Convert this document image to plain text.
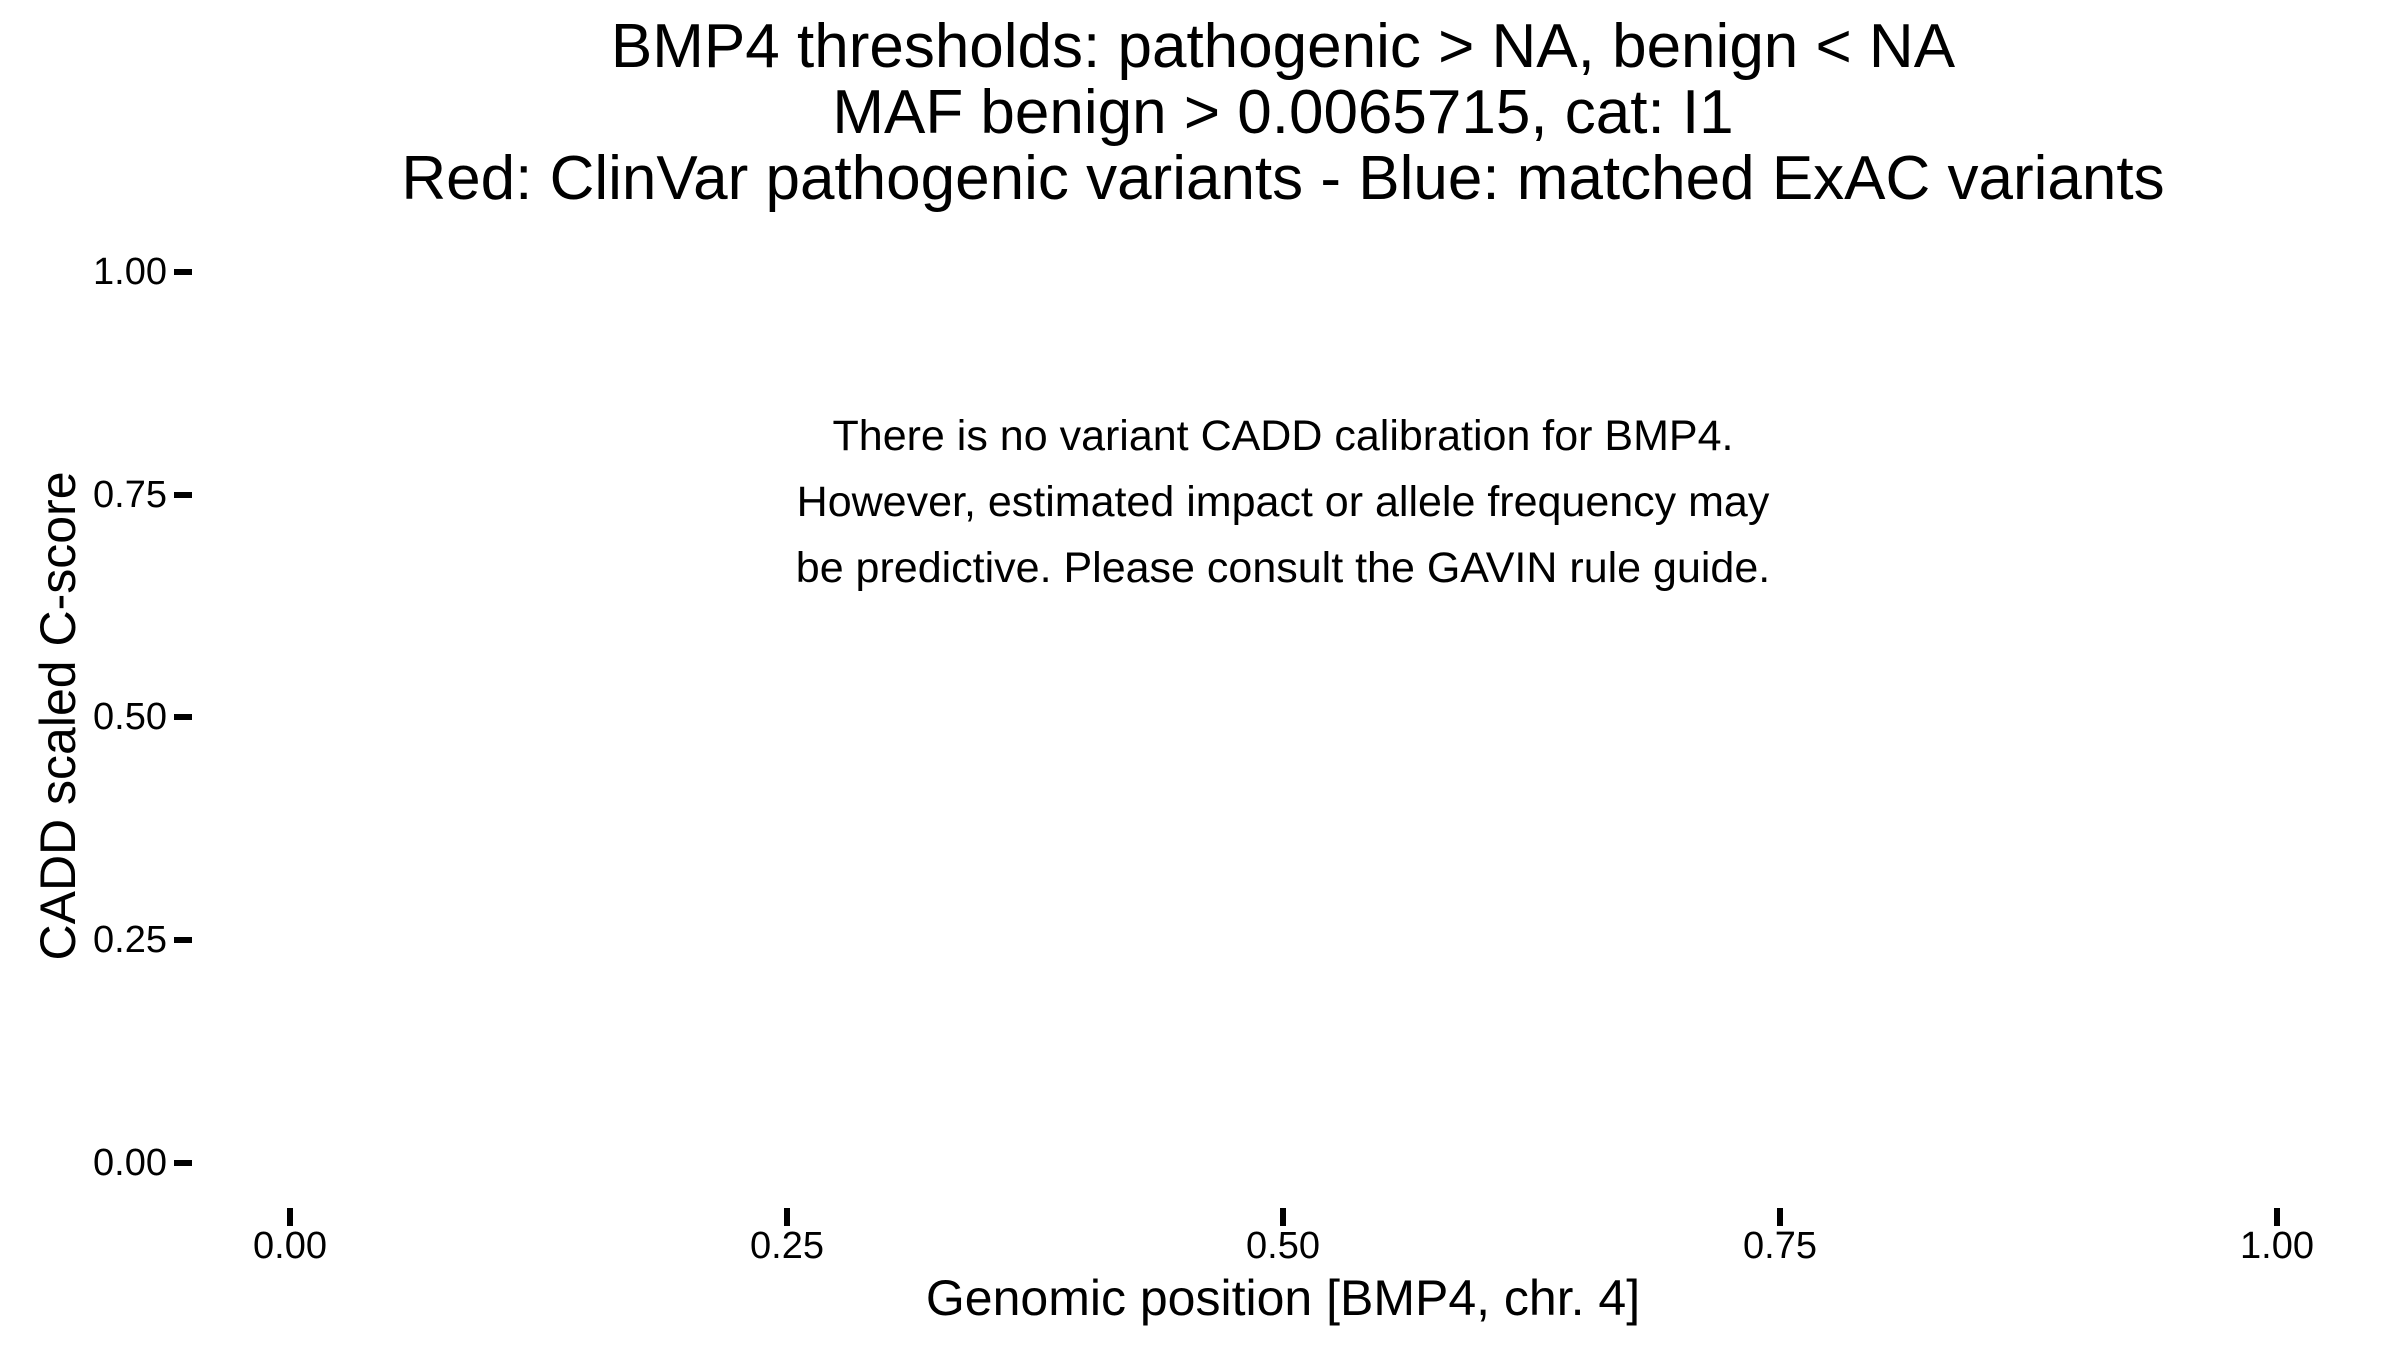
BMP4 thresholds: pathogenic > NA, benign < NA
MAF benign > 0.0065715, cat: I1
Red: ClinVar pathogenic variants - Blue: matched ExAC variants
There is no variant CADD calibration for BMP4.
However, estimated impact or allele frequency may
be predictive. Please consult the GAVIN rule guide.
CADD scaled C-score
1.00
0.75
0.50
0.25
0.00
0.00	0.25	0.50	0.75	1.00
Genomic position [BMP4, chr. 4]
